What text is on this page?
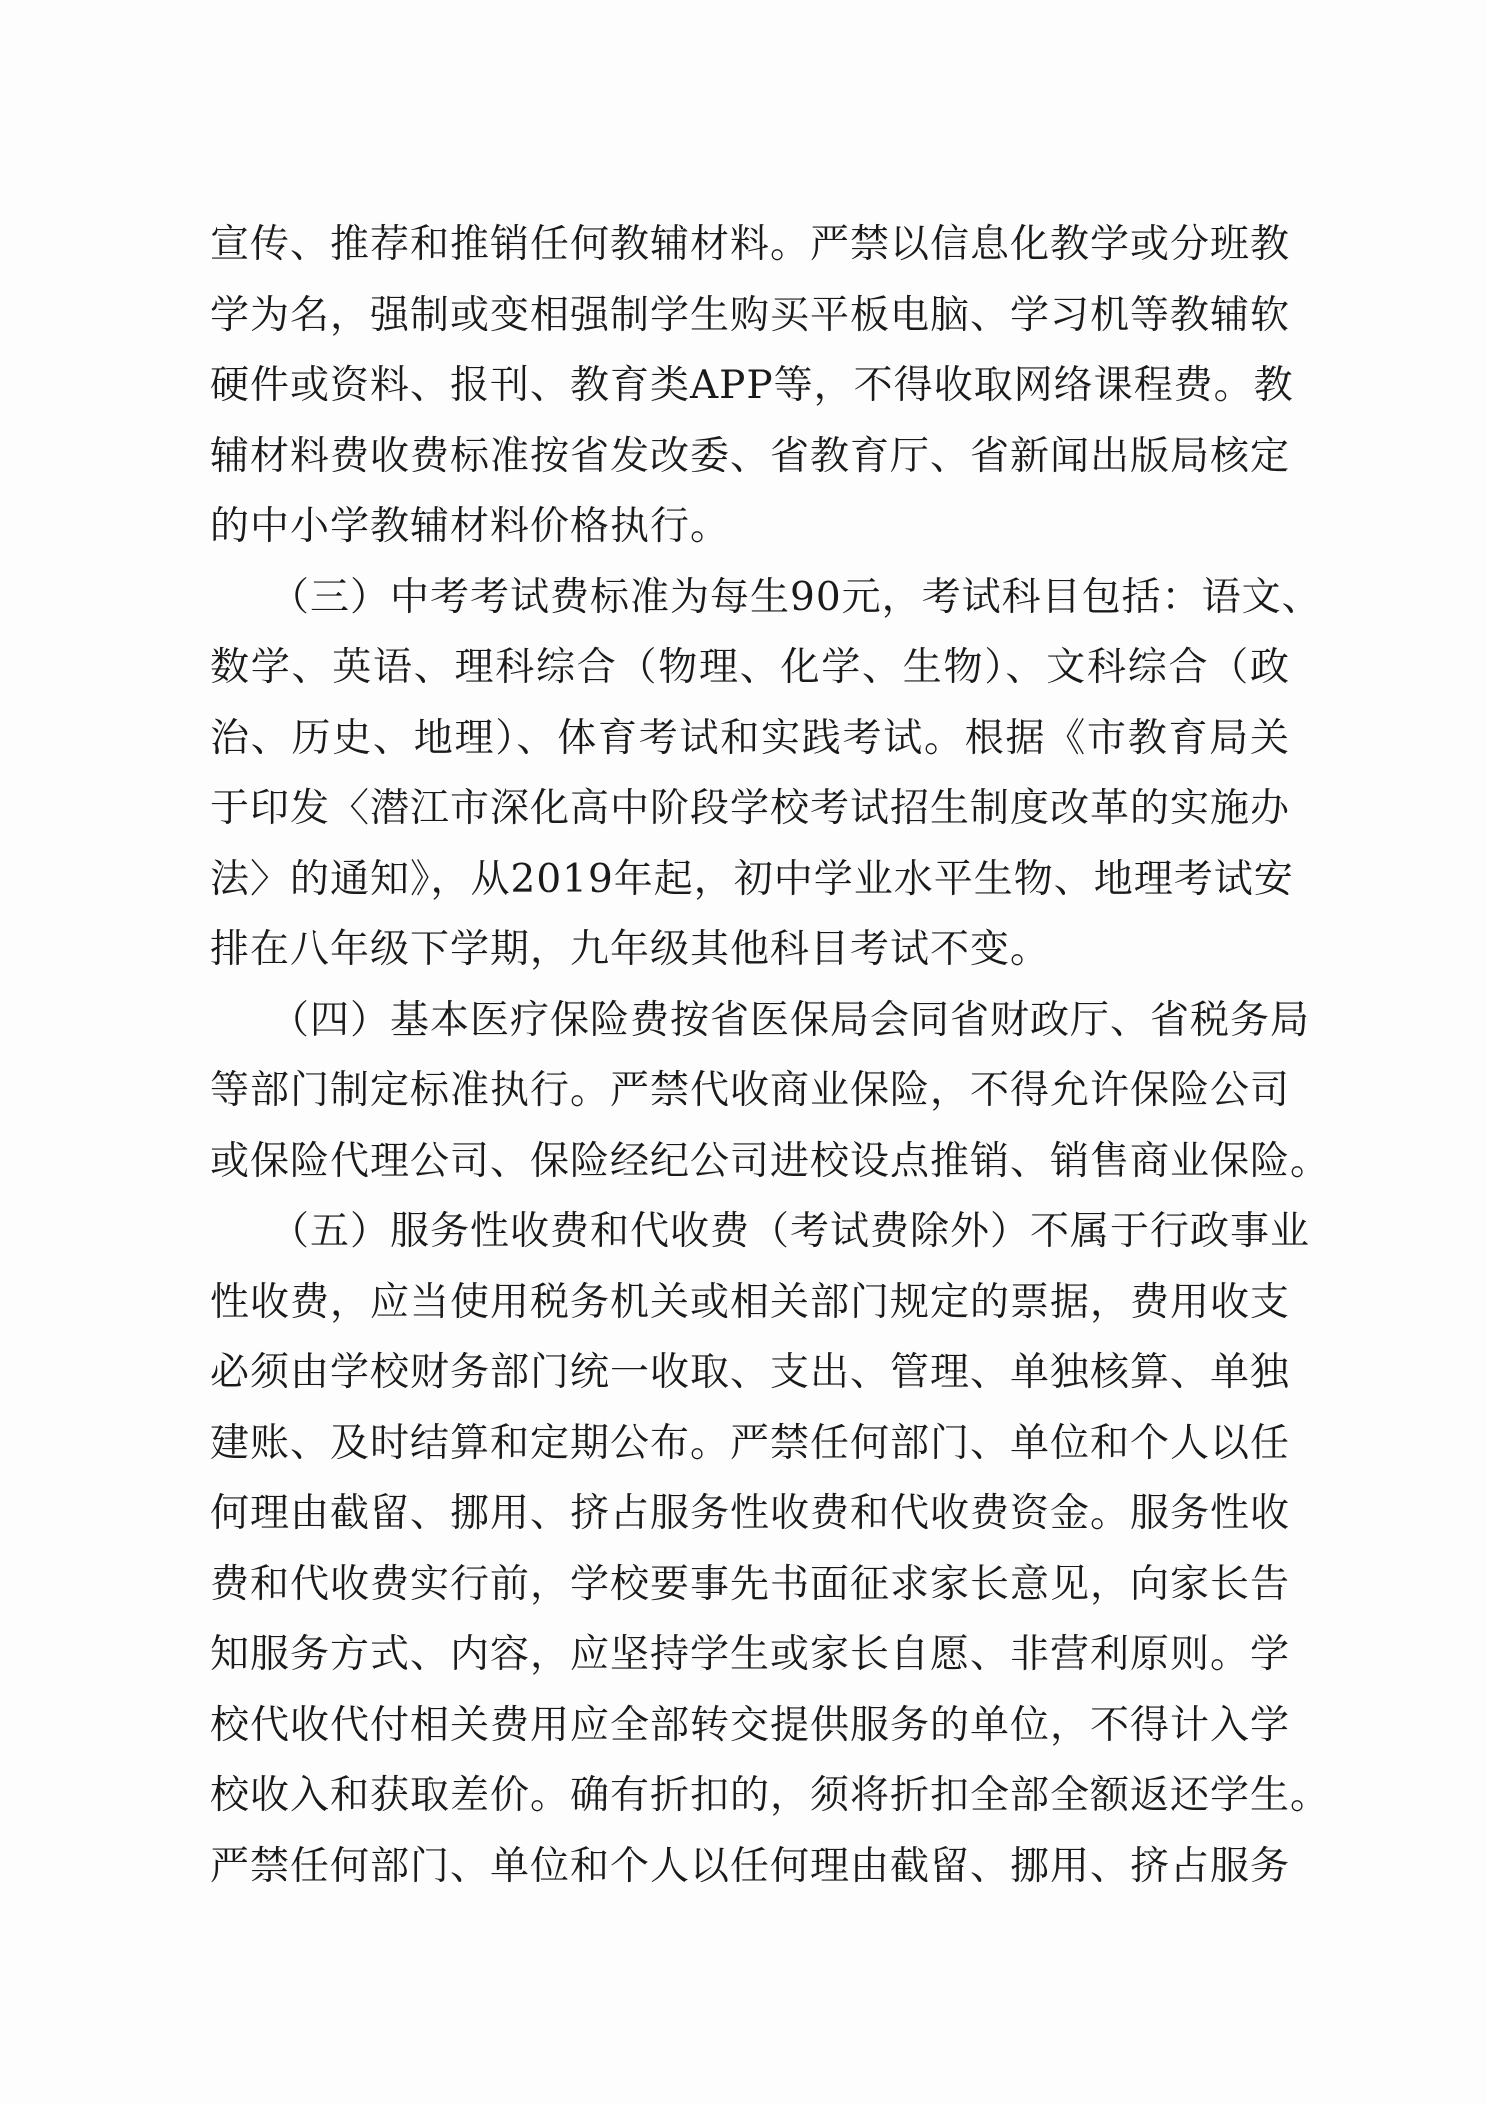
宣传、推荐和推销任何教辅材料。严禁以信息化教学或分班教
学为名，强制或变相强制学生购买平板电脑、学习机等教辅软
硬件或资料、报刊、教育类APP等，不得收取网络课程费。教
辅材料费收费标准按省发改委、省教育厅、省新闻出版局核定
的中小学教辅材料价格执行。
（三）中考考试费标准为每生90元，考试科目包括：语文、
数学、英语、理科综合（物理、化学、生物）、文科综合（政
治、历史、地理）、体育考试和实践考试。根据《市教育局关
于印发〈潜江市深化高中阶段学校考试招生制度改革的实施办
法〉的通知》，从2019年起，初中学业水平生物、地理考试安
排在八年级下学期，九年级其他科目考试不变。
（四）基本医疗保险费按省医保局会同省财政厅、省税务局
等部门制定标准执行。严禁代收商业保险，不得允许保险公司
或保险代理公司、保险经纪公司进校设点推销、销售商业保险。
（五）服务性收费和代收费（考试费除外）不属于行政事业
性收费，应当使用税务机关或相关部门规定的票据，费用收支
必须由学校财务部门统一收取、支出、管理、单独核算、单独
建账、及时结算和定期公布。严禁任何部门、单位和个人以任
何理由截留、挪用、挤占服务性收费和代收费资金。服务性收
费和代收费实行前，学校要事先书面征求家长意见，向家长告
知服务方式、内容，应坚持学生或家长自愿、非营利原则。学
校代收代付相关费用应全部转交提供服务的单位，不得计入学
校收入和获取差价。确有折扣的，须将折扣全部全额返还学生。
严禁任何部门、单位和个人以任何理由截留、挪用、挤占服务
